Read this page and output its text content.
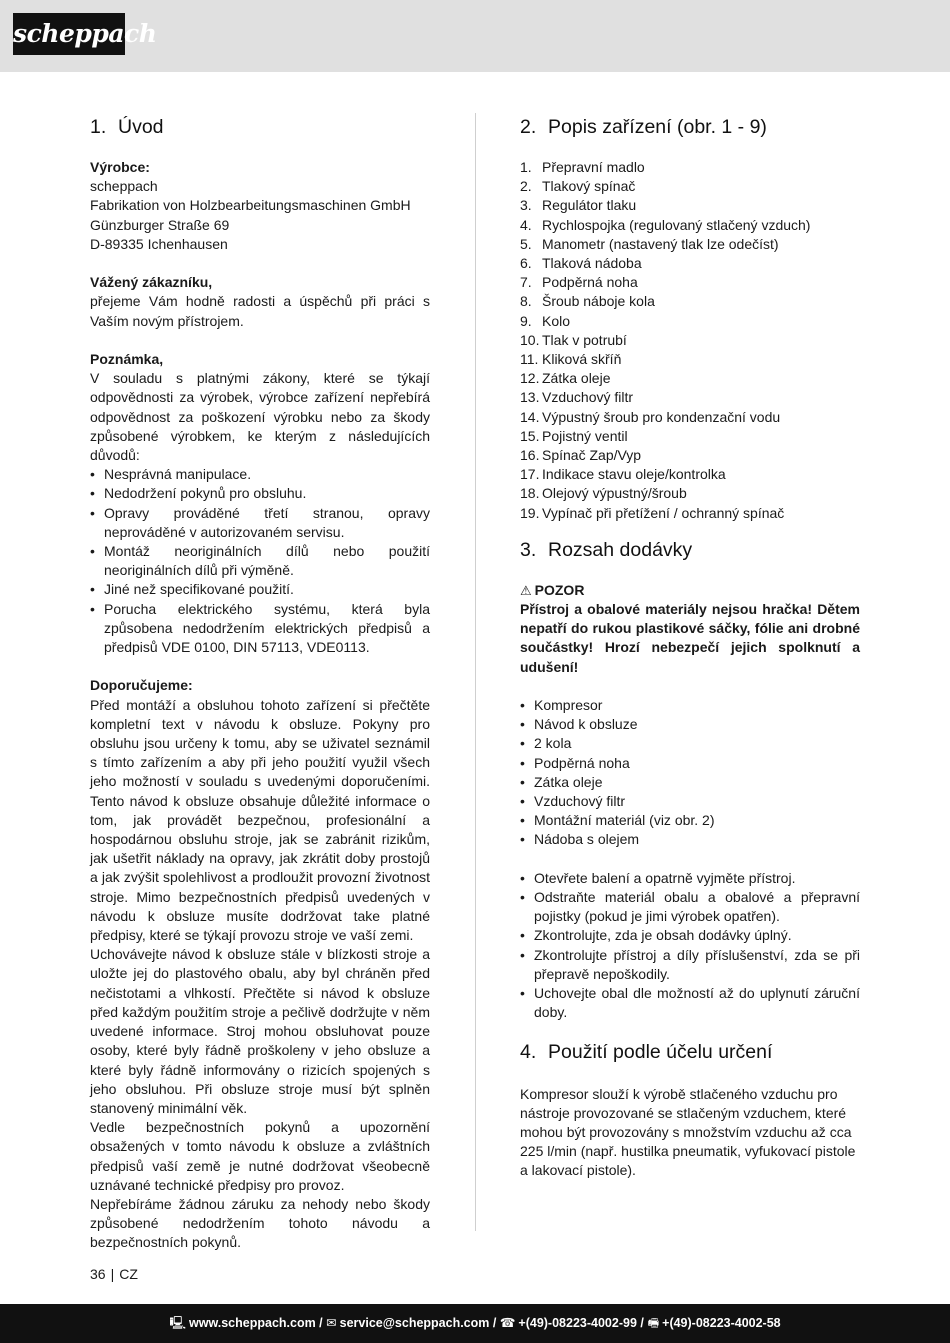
scheppach
1. Úvod

Výrobce:

scheppach

Fabrikation von Holzbearbeitungsmaschinen GmbH

Günzburger Straße 69

D-89335 Ichenhausen

Vážený zákazníku,

přejeme Vám hodně radosti a úspěchů při práci s Vaším novým přístrojem.

Poznámka,

V souladu s platnými zákony, které se týkají odpovědnosti za výrobek, výrobce zařízení nepřebírá odpovědnost za poškození výrobku nebo za škody způsobené výrobkem, ke kterým z následujících důvodů:

• Nesprávná manipulace.
• Nedodržení pokynů pro obsluhu.
• Opravy prováděné třetí stranou, opravy neprováděné v autorizovaném servisu.
• Montáž neoriginálních dílů nebo použití neoriginálních dílů při výměně.
• Jiné než specifikované použití.
• Porucha elektrického systému, která byla způsobena nedodržením elektrických předpisů a předpisů VDE 0100, DIN 57113, VDE0113.

Doporučujeme:

Před montáží a obsluhou tohoto zařízení si přečtěte kompletní text v návodu k obsluze. Pokyny pro obsluhu jsou určeny k tomu, aby se uživatel seznámil s tímto zařízením a aby při jeho použití využil všech jeho možností v souladu s uvedenými doporučeními. Tento návod k obsluze obsahuje důležité informace o tom, jak provádět bezpečnou, profesionální a hospodárnou obsluhu stroje, jak se zabránit rizikům, jak ušetřit náklady na opravy, jak zkrátit doby prostojů a jak zvýšit spolehlivost a prodloužit provozní životnost stroje. Mimo bezpečnostních předpisů uvedených v návodu k obsluze musíte dodržovat take platné předpisy, které se týkají provozu stroje ve vaší zemi.

Uchovávejte návod k obsluze stále v blízkosti stroje a uložte jej do plastového obalu, aby byl chráněn před nečistotami a vlhkostí. Přečtěte si návod k obsluze před každým použitím stroje a pečlivě dodržujte v něm uvedené informace. Stroj mohou obsluhovat pouze osoby, které byly řádně proškoleny v jeho obsluze a které byly řádně informovány o rizicích spojených s jeho obsluhou. Při obsluze stroje musí být splněn stanovený minimální věk.

Vedle bezpečnostních pokynů a upozornění obsažených v tomto návodu k obsluze a zvláštních předpisů vaší země je nutné dodržovat všeobecně uznávané technické předpisy pro provoz.

Nepřebíráme žádnou záruku za nehody nebo škody způsobené nedodržením tohoto návodu a bezpečnostních pokynů.

2. Popis zařízení (obr. 1 - 9)
1. Přepravní madlo
2. Tlakový spínač
3. Regulátor tlaku
4. Rychlospojka (regulovaný stlačený vzduch)
5. Manometr (nastavený tlak lze odečíst)
6. Tlaková nádoba
7. Podpěrná noha
8. Šroub náboje kola
9. Kolo
10. Tlak v potrubí
11. Kliková skříň
12. Zátka oleje
13. Vzduchový filtr
14. Výpustný šroub pro kondenzační vodu
15. Pojistný ventil
16. Spínač Zap/Vyp
17. Indikace stavu oleje/kontrolka
18. Olejový výpustný/šroub
19. Vypínač při přetížení / ochranný spínač
3. Rozsah dodávky

⚠ POZOR

Přístroj a obalové materiály nejsou hračka! Dětem nepatří do rukou plastikové sáčky, fólie ani drobné součástky! Hrozí nebezpečí jejich spolknutí a udušení!

• Kompresor
• Návod k obsluze
• 2 kola
• Podpěrná noha
• Zátka oleje
• Vzduchový filtr
• Montážní materiál (viz obr. 2)
• Nádoba s olejem
• Otevřete balení a opatrně vyjměte přístroj.
• Odstraňte materiál obalu a obalové a přepravní pojistky (pokud je jimi výrobek opatřen).
• Zkontrolujte, zda je obsah dodávky úplný.
• Zkontrolujte přístroj a díly příslušenství, zda se při přepravě nepoškodily.
• Uchovejte obal dle možností až do uplynutí záruční doby.
4. Použití podle účelu určení

Kompresor slouží k výrobě stlačeného vzduchu pro nástroje provozované se stlačeným vzduchem, které mohou být provozovány s množstvím vzduchu až cca 225 l/min (např. hustilka pneumatik, vyfukovací pistole a lakovací pistole).

36 | CZ
🖳 www.scheppach.com / ✉ service@scheppach.com / ☎ +(49)-08223-4002-99 / 🖷 +(49)-08223-4002-58
